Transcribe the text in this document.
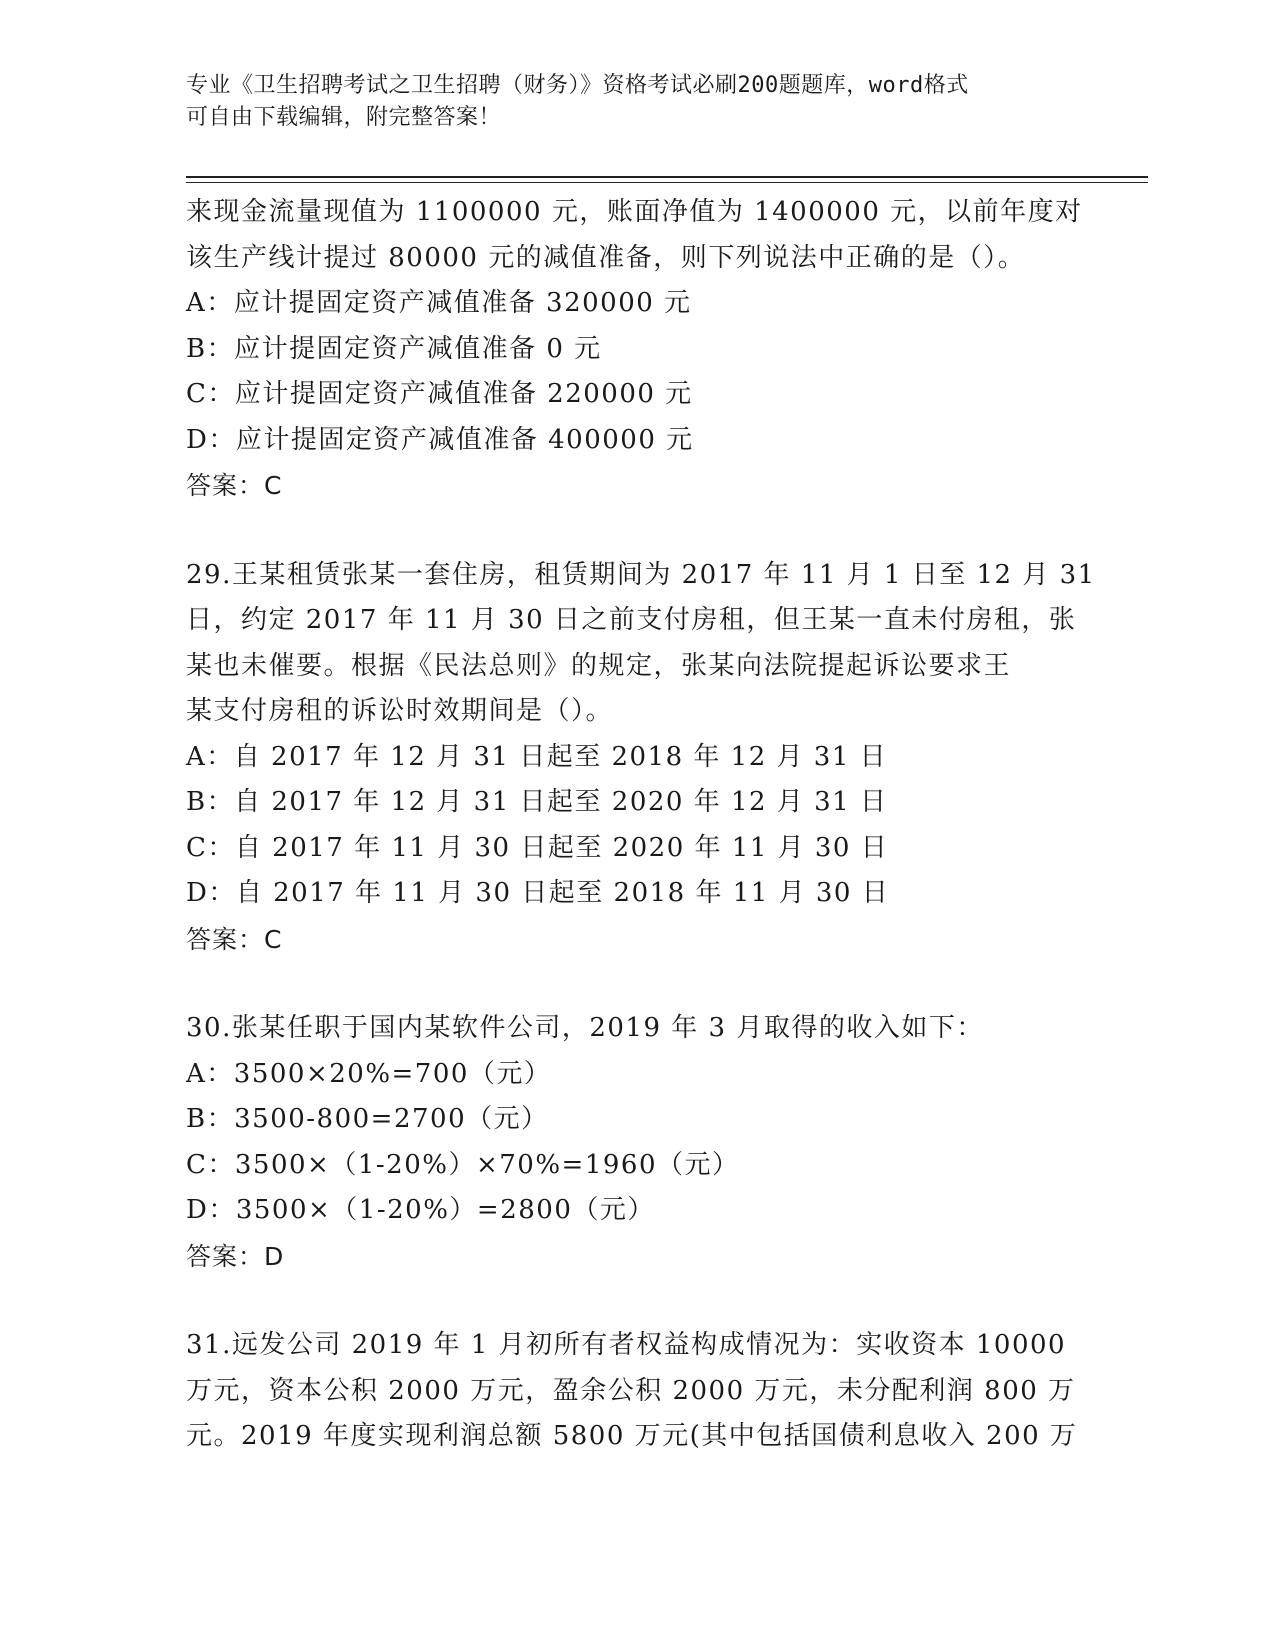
专业《卫生招聘考试之卫生招聘（财务）》资格考试必刷200题题库，word格式
可自由下载编辑，附完整答案！
来现金流量现值为 1100000 元，账面净值为 1400000 元，以前年度对
该生产线计提过 80000 元的减值准备，则下列说法中正确的是（）。
A：应计提固定资产减值准备 320000 元
B：应计提固定资产减值准备 0 元
C：应计提固定资产减值准备 220000 元
D：应计提固定资产减值准备 400000 元
答案：C
29.王某租赁张某一套住房，租赁期间为 2017 年 11 月 1 日至 12 月 31
日，约定 2017 年 11 月 30 日之前支付房租，但王某一直未付房租，张
某也未催要。根据《民法总则》的规定，张某向法院提起诉讼要求王
某支付房租的诉讼时效期间是（）。
A：自 2017 年 12 月 31 日起至 2018 年 12 月 31 日
B：自 2017 年 12 月 31 日起至 2020 年 12 月 31 日
C：自 2017 年 11 月 30 日起至 2020 年 11 月 30 日
D：自 2017 年 11 月 30 日起至 2018 年 11 月 30 日
答案：C
30.张某任职于国内某软件公司，2019 年 3 月取得的收入如下：
A：3500×20%=700（元）
B：3500-800=2700（元）
C：3500×（1-20%）×70%=1960（元）
D：3500×（1-20%）=2800（元）
答案：D
31.远发公司 2019 年 1 月初所有者权益构成情况为：实收资本 10000
万元，资本公积 2000 万元，盈余公积 2000 万元，未分配利润 800 万
元。2019 年度实现利润总额 5800 万元(其中包括国债利息收入 200 万
